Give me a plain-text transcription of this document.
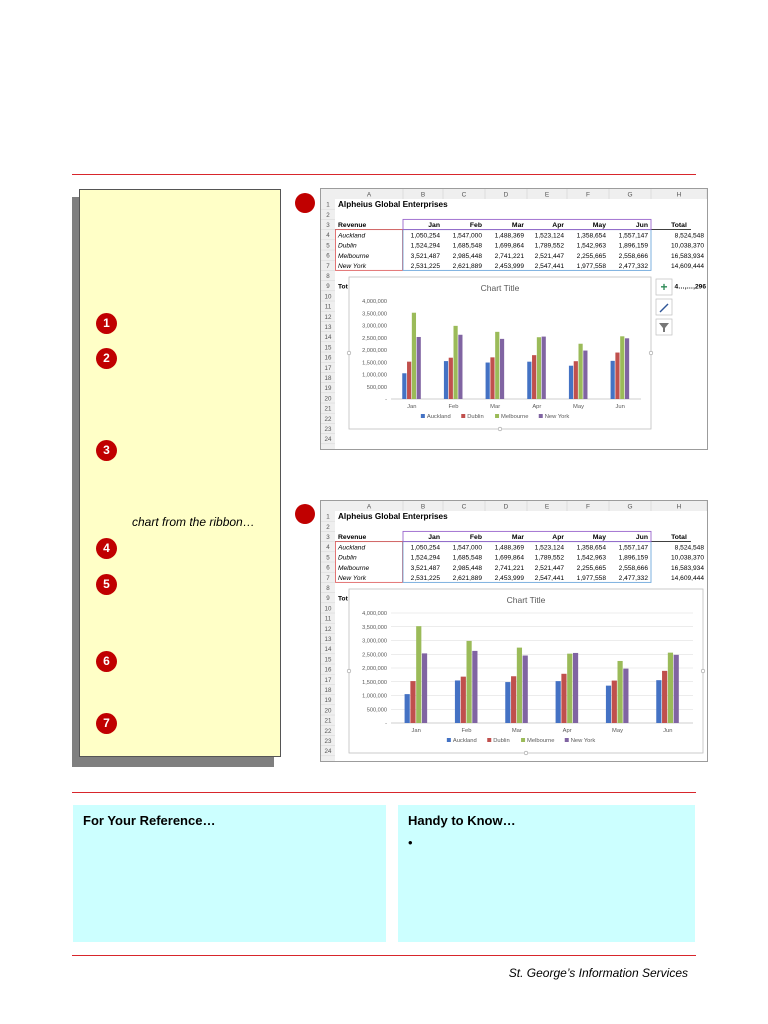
1
2
3
chart from the ribbon…
4
5
6
7
A	B	C	D	E	F	G	H
1
2
3
4
5
6
7
8
9
10
11
12
13
14
15
16
17
18
19
20
21
22
23
24
Alpheius Global Enterprises
Revenue	Jan	Feb	Mar	Apr	May	Jun	Total
Auckland	1,050,254 1,547,000 1,488,369 1,523,124 1,358,654 1,557,147	8,524,548
Dublin	1,524,294 1,685,548 1,699,864 1,789,552 1,542,963 1,896,159	10,038,370
Melbourne	3,521,487 2,985,448 2,741,221 2,521,447 2,255,665 2,558,666	16,583,934
New York	2,531,225 2,621,889 2,453,999 2,547,441 1,977,558 2,477,332	14,609,444
Tot	4…,…,296
Chart Title
-
500,000
1,000,000
1,500,000
2,000,000
2,500,000
3,000,000
3,500,000
4,000,000
Jan	Feb	Mar	Apr	May	Jun
Auckland	Dublin	Melbourne	New York
+
A	B	C	D	E	F	G	H
1
2
3
4
5
6
7
8
9
10
11
12
13
14
15
16
17
18
19
20
21
22
23
24
Alpheius Global Enterprises
Revenue	Jan	Feb	Mar	Apr	May	Jun	Total
Auckland	1,050,254 1,547,000 1,488,369 1,523,124 1,358,654 1,557,147	8,524,548
Dublin	1,524,294 1,685,548 1,699,864 1,789,552 1,542,963 1,896,159	10,038,370
Melbourne	3,521,487 2,985,448 2,741,221 2,521,447 2,255,665 2,558,666	16,583,934
New York	2,531,225 2,621,889 2,453,999 2,547,441 1,977,558 2,477,332	14,609,444
Tot	Chart Title
-
500,000
1,000,000
1,500,000
2,000,000
2,500,000
3,000,000
3,500,000
4,000,000
Jan	Feb	Mar	Apr	May	Jun
Auckland	Dublin	Melbourne	New York
For Your Reference…	Handy to Know…
•
St. George’s Information Services
